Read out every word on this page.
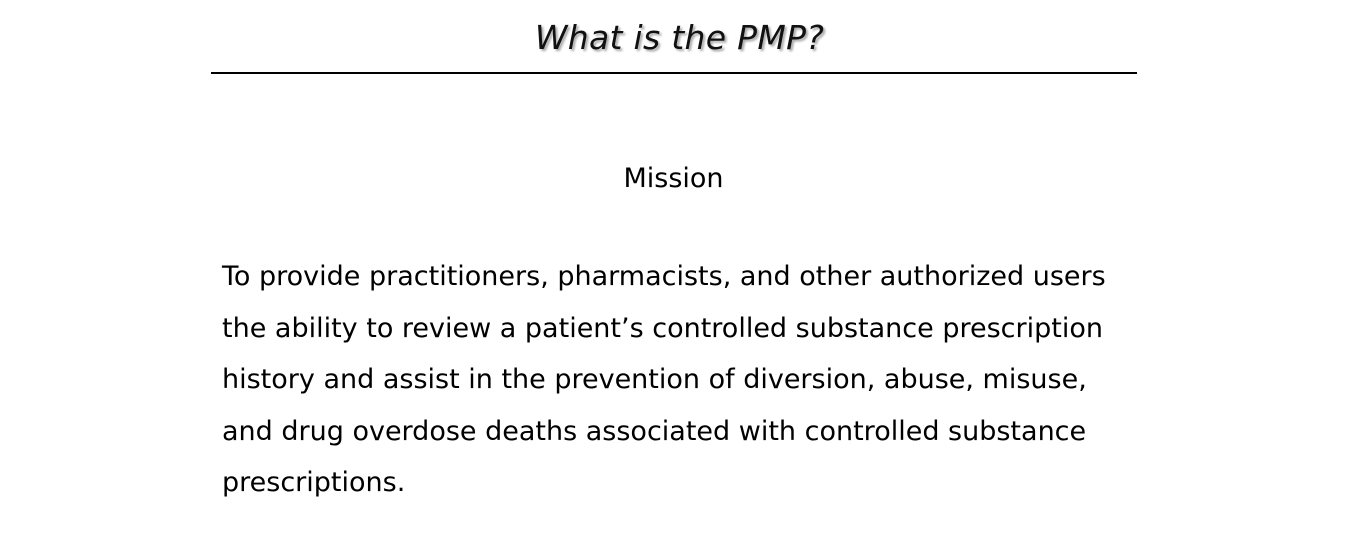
What is the PMP?
Mission

To provide practitioners, pharmacists, and other authorized users
the ability to review a patient’s controlled substance prescription
history and assist in the prevention of diversion, abuse, misuse,
and drug overdose deaths associated with controlled substance
prescriptions.
